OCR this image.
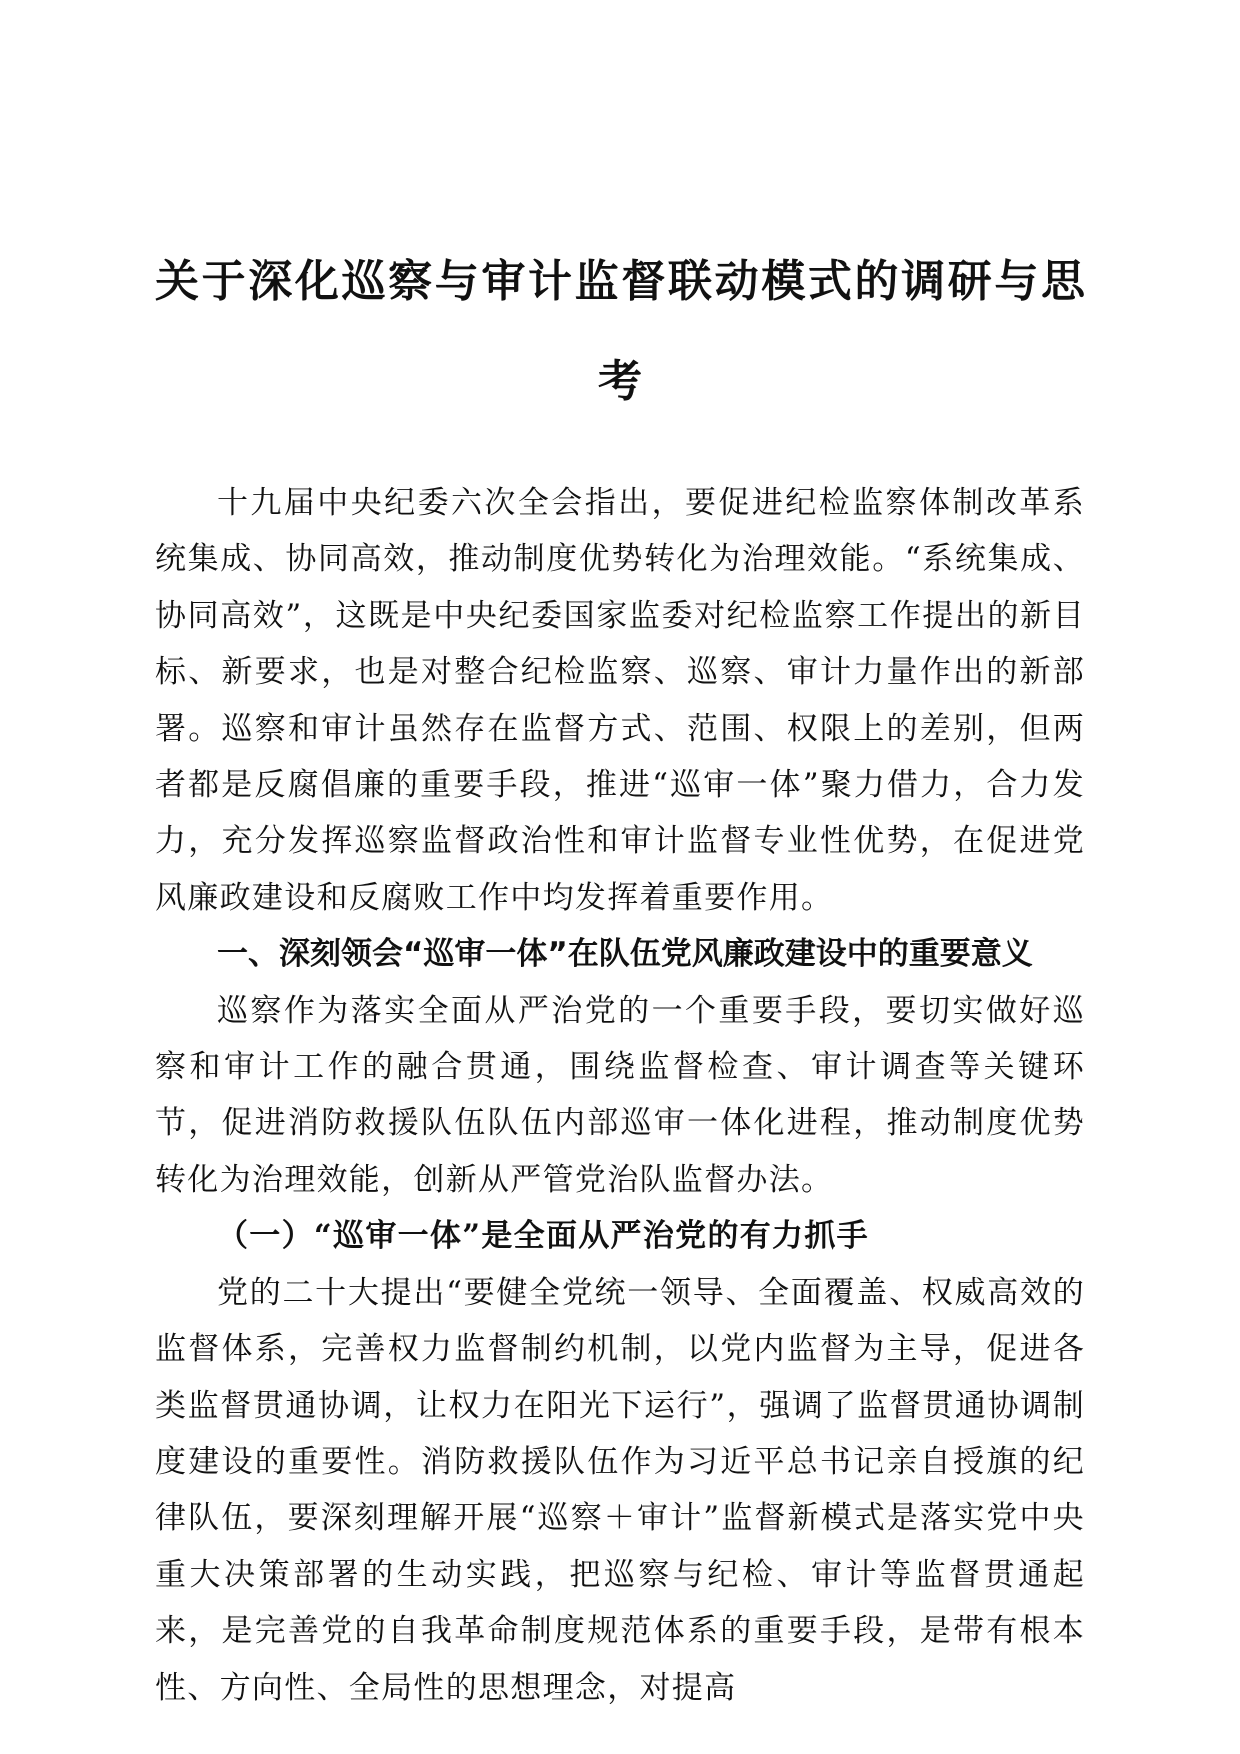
关于深化巡察与审计监督联动模式的调研与思
考

十九届中央纪委六次全会指出，要促进纪检监察体制改革系统集成、协同高效，推动制度优势转化为治理效能。“系统集成、协同高效”，这既是中央纪委国家监委对纪检监察工作提出的新目标、新要求，也是对整合纪检监察、巡察、审计力量作出的新部署。巡察和审计虽然存在监督方式、范围、权限上的差别，但两者都是反腐倡廉的重要手段，推进“巡审一体”聚力借力，合力发力，充分发挥巡察监督政治性和审计监督专业性优势，在促进党风廉政建设和反腐败工作中均发挥着重要作用。

一、深刻领会“巡审一体”在队伍党风廉政建设中的重要意义

巡察作为落实全面从严治党的一个重要手段，要切实做好巡察和审计工作的融合贯通，围绕监督检查、审计调查等关键环节，促进消防救援队伍队伍内部巡审一体化进程，推动制度优势转化为治理效能，创新从严管党治队监督办法。

（一）“巡审一体”是全面从严治党的有力抓手

党的二十大提出“要健全党统一领导、全面覆盖、权威高效的监督体系，完善权力监督制约机制，以党内监督为主导，促进各类监督贯通协调，让权力在阳光下运行”，强调了监督贯通协调制度建设的重要性。消防救援队伍作为习近平总书记亲自授旗的纪律队伍，要深刻理解开展“巡察＋审计”监督新模式是落实党中央重大决策部署的生动实践，把巡察与纪检、审计等监督贯通起来，是完善党的自我革命制度规范体系的重要手段，是带有根本性、方向性、全局性的思想理念，对提高
